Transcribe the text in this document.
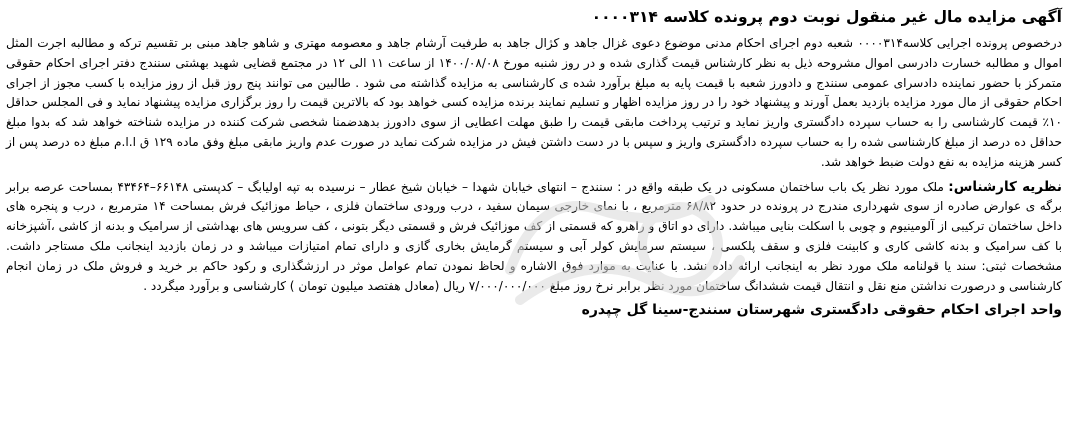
آگهی مزایده مال غیر منقول نوبت دوم پرونده کلاسه ۰۰۰۰۳۱۴

درخصوص پرونده اجرایی کلاسه۰۰۰۰۳۱۴ شعبه دوم اجرای احکام مدنی موضوع دعوی غزال جاهد و کژال جاهد به طرفیت آرشام جاهد و معصومه مهتری و شاهو جاهد مبنی بر تقسیم ترکه و مطالبه اجرت المثل اموال و مطالبه خسارت دادرسی اموال مشروحه ذیل به نظر کارشناس قیمت گذاری شده و در روز شنبه مورخ ۱۴۰۰/۰۸/۰۸ از ساعت ۱۱ الی ۱۲ در مجتمع قضایی شهید بهشتی سنندج دفتر اجرای احکام حقوقی متمرکز با حضور نماینده دادسرای عمومی سنندج و دادورز شعبه با قیمت پایه به مبلغ برآورد شده ی کارشناسی به مزایده گذاشته می شود . طالبین می توانند پنج روز قبل از روز مزایده با کسب مجوز از اجرای احکام حقوقی از مال مورد مزایده بازدید بعمل آورند و پیشنهاد خود را در روز مزایده اظهار و تسلیم نمایند برنده مزایده کسی خواهد بود که بالاترین قیمت را روز برگزاری مزایده پیشنهاد نماید و فی المجلس حداقل ۱۰٪ قیمت کارشناسی را به حساب سپرده دادگستری واریز نماید و ترتیب پرداخت مابقی قیمت را طبق مهلت اعطایی از سوی دادورز بدهدضمنا شخصی شرکت کننده در مزایده شناخته خواهد شد که بدوا مبلغ حداقل ده درصد از مبلغ کارشناسی شده را به حساب سپرده دادگستری واریز و سپس با در دست داشتن فیش در مزایده شرکت نماید در صورت عدم واریز مابقی مبلغ وفق ماده ۱۲۹ ق ا.ا.م مبلغ ده درصد پس از کسر هزینه مزایده به نفع دولت ضبط خواهد شد.

نظریه کارشناس: ملک مورد نظر یک باب ساختمان مسکونی در یک طبقه واقع در : سنندج – انتهای خیابان شهدا – خیابان شیخ عطار – نرسیده به تپه اولیابگ – کدپستی ۶۶۱۴۸–۴۳۴۶۴ بمساحت عرصه برابر برگه ی عوارض صادره از سوی شهرداری مندرج در پرونده در حدود ۶۸/۸۲ مترمربع ، با نمای خارجی سیمان سفید ، درب ورودی ساختمان فلزی ، حیاط موزائیک فرش بمساحت ۱۴ مترمربع ، درب و پنجره های داخل ساختمان ترکیبی از آلومینیوم و چوبی با اسکلت بنایی میباشد. دارای دو اتاق و راهرو که قسمتی از کف موزائیک فرش و قسمتی دیگر بتونی ، کف سرویس های بهداشتی از سرامیک و بدنه از کاشی ،آشپزخانه با کف سرامیک و بدنه کاشی کاری و کابینت فلزی و سقف پلکسی ، سیستم سرمایش کولر آبی و سیستم گرمایش بخاری گازی و دارای تمام امتیازات میباشد و در زمان بازدید اینجانب ملک مستاجر داشت. مشخصات ثبتی: سند یا قولنامه ملک مورد نظر به اینجانب ارائه داده نشد. با عنایت به موارد فوق الاشاره و لحاظ نمودن تمام عوامل موثر در ارزشگذاری و رکود حاکم بر خرید و فروش ملک در زمان انجام کارشناسی و درصورت نداشتن منع نقل و انتقال قیمت ششدانگ ساختمان مورد نظر برابر نرخ روز مبلغ ۷/۰۰۰/۰۰۰/۰۰۰ ریال (معادل هفتصد میلیون تومان ) کارشناسی و برآورد میگردد .

واحد اجرای احکام حقوقی دادگستری شهرستان سنندج-سینا گل چپدره
